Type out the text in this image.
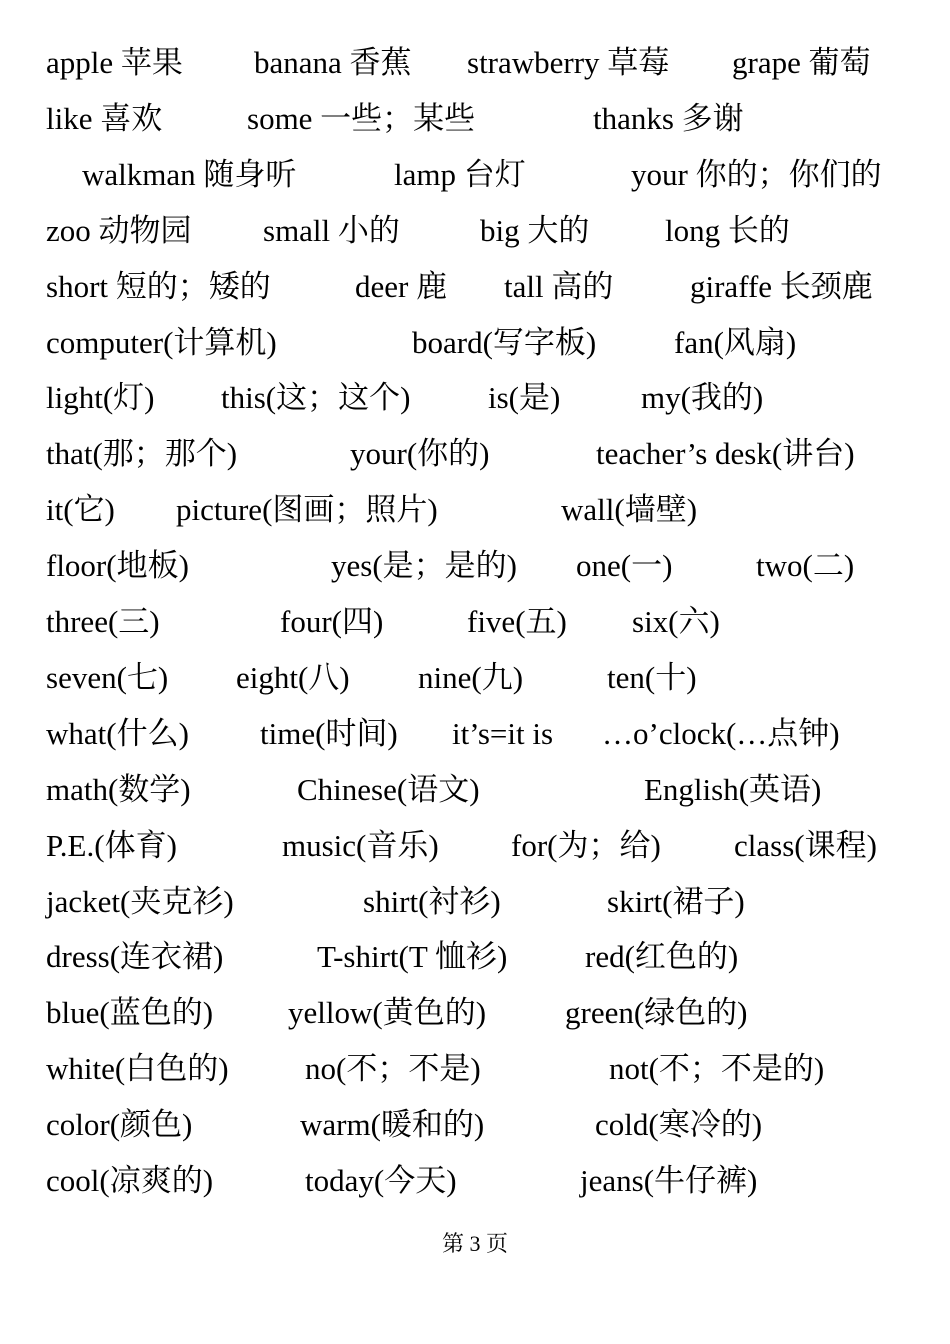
apple 苹果 banana 香蕉 strawberry 草莓 grape 葡萄
like 喜欢	some 一些；某些	thanks 多谢
walkman 随身听	lamp 台灯	your 你的；你们的
zoo 动物园 small 小的	big 大的 long 长的
short 短的；矮的	deer 鹿 tall 高的 giraffe 长颈鹿
computer(计算机)	board(写字板)	fan(风扇)
light(灯) this(这；这个)	is(是)	my(我的)
that(那；那个)	your(你的)	teacher’s desk(讲台)
it(它) picture(图画；照片)	wall(墙壁)
floor(地板)	yes(是；是的) one(一)	two(二)
three(三)	four(四)	five(五) six(六)
seven(七) eight(八) nine(九)	ten(十)
what(什么) time(时间) it’s=it is …o’clock(…点钟)
math(数学)	Chinese(语文)	English(英语)
P.E.(体育)	music(音乐) for(为；给) class(课程)
jacket(夹克衫)	shirt(衬衫)	skirt(裙子)
dress(连衣裙)	T-shirt(T 恤衫)	red(红色的)
blue(蓝色的) yellow(黄色的)	green(绿色的)
white(白色的) no(不；不是)	not(不；不是的)
color(颜色)	warm(暖和的)	cold(寒冷的)
cool(凉爽的)	today(今天)	jeans(牛仔裤)
第 3 页
